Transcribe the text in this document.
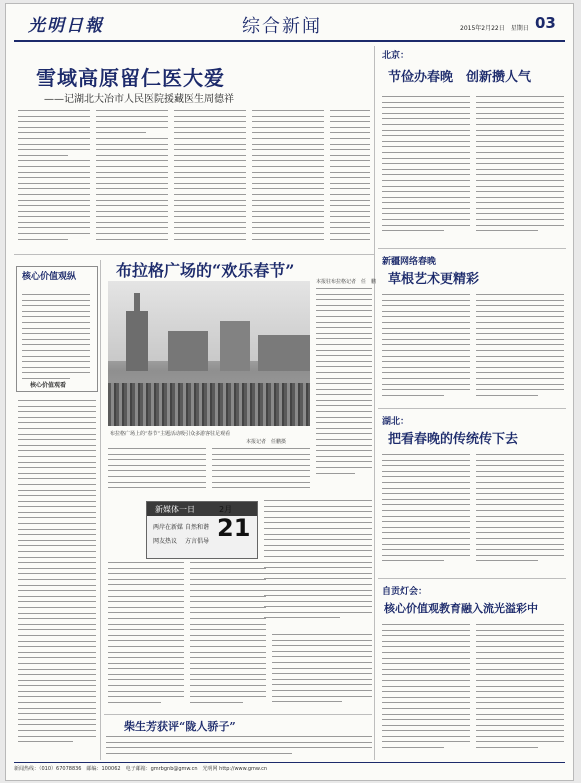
光明日報	综合新闻	2015年2月22日　星期日 03
雪域高原留仁医大爱
——记湖北大冶市人民医院援藏医生周德祥
核心价值观纵
核心价值观看
布拉格广场的“欢乐春节”
本报驻布拉格记者　任　鹏
布拉格广场上的“春节”主题活动吸引众多游客驻足观看
本报记者　任鹏摄
新媒体一日	2月
21
两岸在新媒 自然和谐
网友热议 方言倡导
柴生芳获评“陇人骄子”
北京：
节俭办春晚　创新攒人气
新疆网络春晚
草根艺术更精彩
湖北：
把看春晚的传统传下去
自贡灯会：
核心价值观教育融入流光溢彩中
新闻热线：（010）67078836　邮编：100062　电子邮箱：gmrbgnb@gmw.cn　光明网 http://www.gmw.cn
